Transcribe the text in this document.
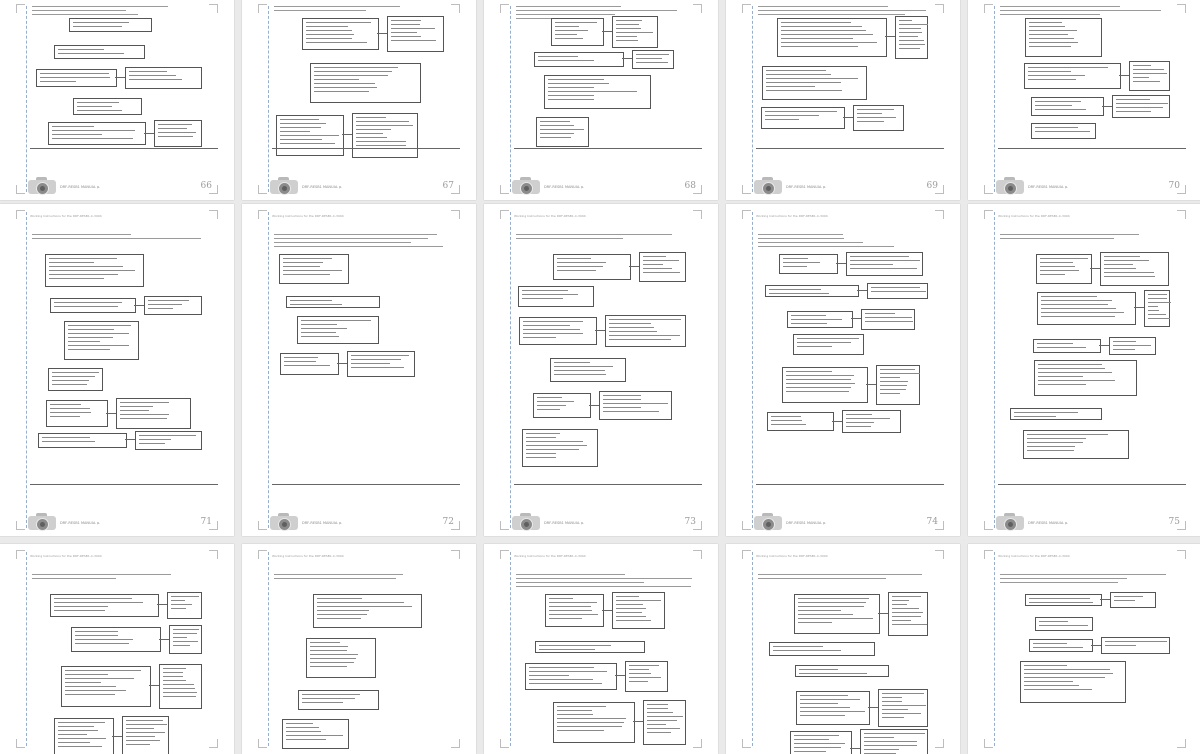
DRF-RESB1 MANUAL p.	66	DRF-RESB1 MANUAL p.	67	DRF-RESB1 MANUAL p.	68	DRF-RESB1 MANUAL p.	69	DRF-RESB1 MANUAL p.	70
Working Instructions for the DRF-RESB1-C-3004
DRF-RESB1 MANUAL p.	71
Working Instructions for the DRF-RESB1-C-3004
DRF-RESB1 MANUAL p.	72
Working Instructions for the DRF-RESB1-C-3004
DRF-RESB1 MANUAL p.	73
Working Instructions for the DRF-RESB1-C-3004
DRF-RESB1 MANUAL p.	74
Working Instructions for the DRF-RESB1-C-3004
DRF-RESB1 MANUAL p.	75
Working Instructions for the DRF-RESB1-C-3004	Working Instructions for the DRF-RESB1-C-3004	Working Instructions for the DRF-RESB1-C-3004	Working Instructions for the DRF-RESB1-C-3004	Working Instructions for the DRF-RESB1-C-3004
